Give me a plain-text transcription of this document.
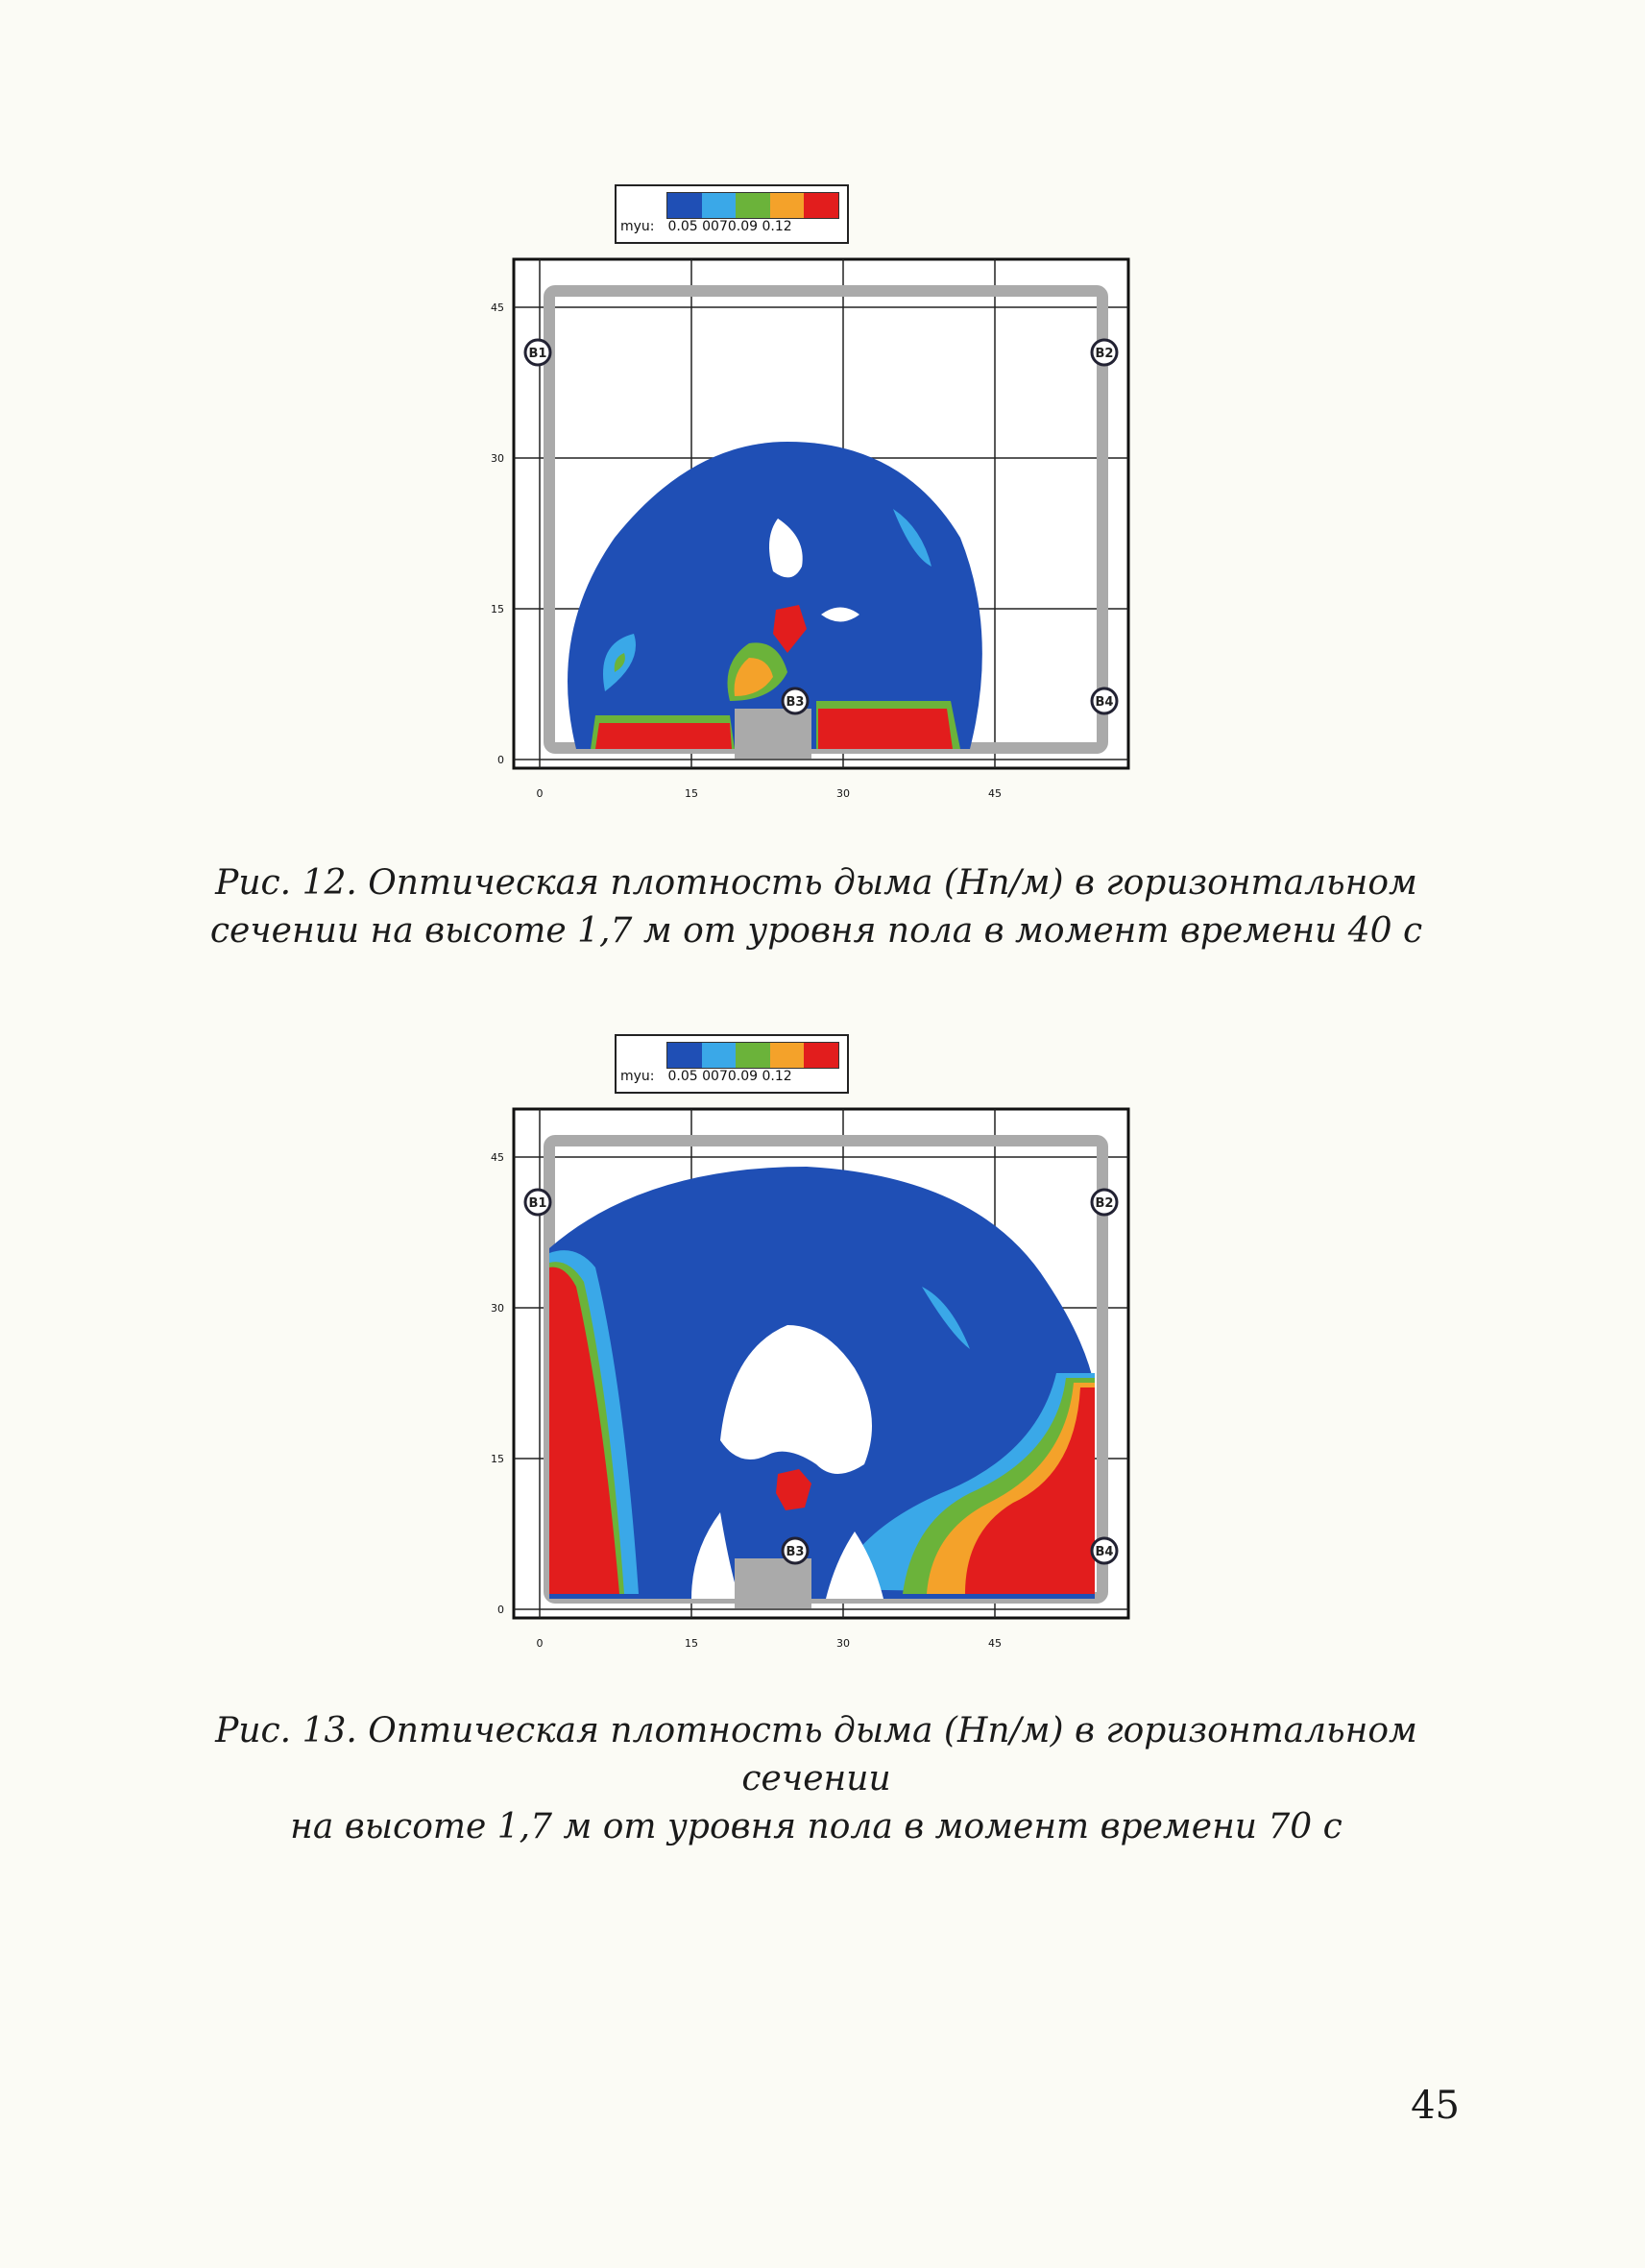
myu: 0.05 0070.09 0.12
B1	B2
B3	B4
45
30
15
0
0	15	30	45
Рис. 12. Оптическая плотность дыма (Нп/м) в горизонтальном
сечении на высоте 1,7 м от уровня пола в момент времени 40 с
myu: 0.05 0070.09 0.12
B1	B2
B3	B4
45
30
15
0
0	15	30	45
Рис. 13. Оптическая плотность дыма (Нп/м) в горизонтальном сечении
на высоте 1,7 м от уровня пола в момент времени 70 с
45
